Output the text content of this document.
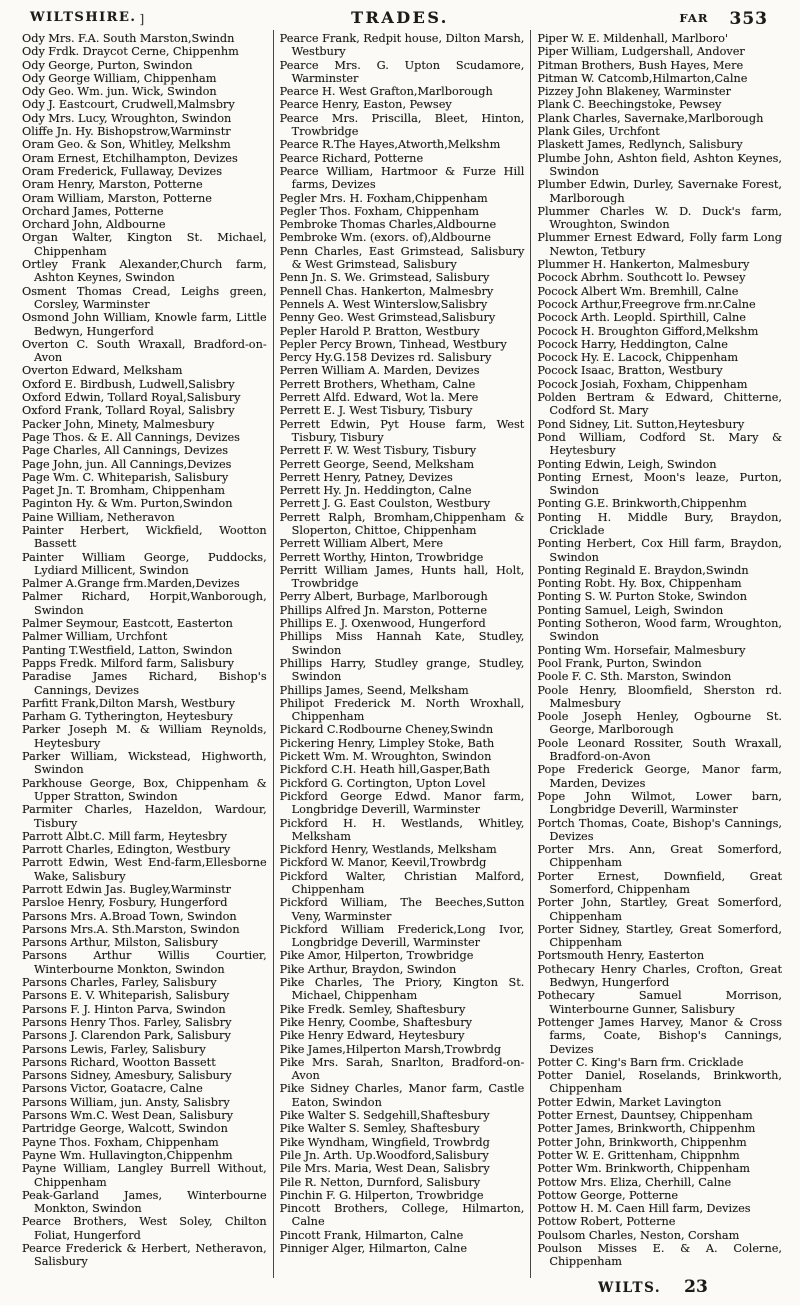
WILTSHIRE. ]	TRADES.	FAR 353

Ody Mrs. F.A. South Marston,Swindn

Ody Frdk. Draycot Cerne, Chippenhm

Ody George, Purton, Swindon

Ody George William, Chippenham

Ody Geo. Wm. jun. Wick, Swindon

Ody J. Eastcourt, Crudwell,Malmsbry

Ody Mrs. Lucy, Wroughton, Swindon

Oliffe Jn. Hy. Bishopstrow,Warminstr

Oram Geo. & Son, Whitley, Melkshm

Oram Ernest, Etchilhampton, Devizes

Oram Frederick, Fullaway, Devizes

Oram Henry, Marston, Potterne

Oram William, Marston, Potterne

Orchard James, Potterne

Orchard John, Aldbourne

Organ Walter, Kington St. Michael, Chippenham

Ortley Frank Alexander,Church farm, Ashton Keynes, Swindon

Osment Thomas Cread, Leighs green, Corsley, Warminster

Osmond John William, Knowle farm, Little Bedwyn, Hungerford

Overton C. South Wraxall, Bradford-on-Avon

Overton Edward, Melksham

Oxford E. Birdbush, Ludwell,Salisbry

Oxford Edwin, Tollard Royal,Salisbury

Oxford Frank, Tollard Royal, Salisbry

Packer John, Minety, Malmesbury

Page Thos. & E. All Cannings, Devizes

Page Charles, All Cannings, Devizes

Page John, jun. All Cannings,Devizes

Page Wm. C. Whiteparish, Salisbury

Paget Jn. T. Bromham, Chippenham

Paginton Hy. & Wm. Purton,Swindon

Paine William, Netheravon

Painter Herbert, Wickfield, Wootton Bassett

Painter William George, Puddocks, Lydiard Millicent, Swindon

Palmer A.Grange frm.Marden,Devizes

Palmer Richard, Horpit,Wanborough, Swindon

Palmer Seymour, Eastcott, Easterton

Palmer William, Urchfont

Panting T.Westfield, Latton, Swindon

Papps Fredk. Milford farm, Salisbury

Paradise James Richard, Bishop's Cannings, Devizes

Parfitt Frank,Dilton Marsh, Westbury

Parham G. Tytherington, Heytesbury

Parker Joseph M. & William Reynolds, Heytesbury

Parker William, Wickstead, Highworth, Swindon

Parkhouse George, Box, Chippenham & Upper Stratton, Swindon

Parmiter Charles, Hazeldon, Wardour, Tisbury

Parrott Albt.C. Mill farm, Heytesbry

Parrott Charles, Edington, Westbury

Parrott Edwin, West End-farm,Ellesborne Wake, Salisbury

Parrott Edwin Jas. Bugley,Warminstr

Parsloe Henry, Fosbury, Hungerford

Parsons Mrs. A.Broad Town, Swindon

Parsons Mrs.A. Sth.Marston, Swindon

Parsons Arthur, Milston, Salisbury

Parsons Arthur Willis Courtier, Winterbourne Monkton, Swindon

Parsons Charles, Farley, Salisbury

Parsons E. V. Whiteparish, Salisbury

Parsons F. J. Hinton Parva, Swindon

Parsons Henry Thos. Farley, Salisbry

Parsons J. Clarendon Park, Salisbury

Parsons Lewis, Farley, Salisbury

Parsons Richard, Wootton Bassett

Parsons Sidney, Amesbury, Salisbury

Parsons Victor, Goatacre, Calne

Parsons William, jun. Ansty, Salisbry

Parsons Wm.C. West Dean, Salisbury

Partridge George, Walcott, Swindon

Payne Thos. Foxham, Chippenham

Payne Wm. Hullavington,Chippenhm

Payne William, Langley Burrell Without, Chippenham

Peak-Garland James, Winterbourne Monkton, Swindon

Pearce Brothers, West Soley, Chilton Foliat, Hungerford

Pearce Frederick & Herbert, Netheravon, Salisbury

Pearce Frank, Redpit house, Dilton Marsh, Westbury

Pearce Mrs. G. Upton Scudamore, Warminster

Pearce H. West Grafton,Marlborough

Pearce Henry, Easton, Pewsey

Pearce Mrs. Priscilla, Bleet, Hinton, Trowbridge

Pearce R.The Hayes,Atworth,Melkshm

Pearce Richard, Potterne

Pearce William, Hartmoor & Furze Hill farms, Devizes

Pegler Mrs. H. Foxham,Chippenham

Pegler Thos. Foxham, Chippenham

Pembroke Thomas Charles,Aldbourne

Pembroke Wm. (exors. of),Aldbourne

Penn Charles, East Grimstead, Salisbury & West Grimstead, Salisbury

Penn Jn. S. We. Grimstead, Salisbury

Pennell Chas. Hankerton, Malmesbry

Pennels A. West Winterslow,Salisbry

Penny Geo. West Grimstead,Salisbury

Pepler Harold P. Bratton, Westbury

Pepler Percy Brown, Tinhead, Westbury

Percy Hy.G.158 Devizes rd. Salisbury

Perren William A. Marden, Devizes

Perrett Brothers, Whetham, Calne

Perrett Alfd. Edward, Wot la. Mere

Perrett E. J. West Tisbury, Tisbury

Perrett Edwin, Pyt House farm, West Tisbury, Tisbury

Perrett F. W. West Tisbury, Tisbury

Perrett George, Seend, Melksham

Perrett Henry, Patney, Devizes

Perrett Hy. Jn. Heddington, Calne

Perrett J. G. East Coulston, Westbury

Perrett Ralph, Bromham,Chippenham & Sloperton, Chittoe, Chippenham

Perrett William Albert, Mere

Perrett Worthy, Hinton, Trowbridge

Perritt William James, Hunts hall, Holt, Trowbridge

Perry Albert, Burbage, Marlborough

Phillips Alfred Jn. Marston, Potterne

Phillips E. J. Oxenwood, Hungerford

Phillips Miss Hannah Kate, Studley, Swindon

Phillips Harry, Studley grange, Studley, Swindon

Phillips James, Seend, Melksham

Philipot Frederick M. North Wroxhall, Chippenham

Pickard C.Rodbourne Cheney,Swindn

Pickering Henry, Limpley Stoke, Bath

Pickett Wm. M. Wroughton, Swindon

Pickford C.H. Heath hill,Gasper,Bath

Pickford G. Cortington, Upton Lovel

Pickford George Edwd. Manor farm, Longbridge Deverill, Warminster

Pickford H. H. Westlands, Whitley, Melksham

Pickford Henry, Westlands, Melksham

Pickford W. Manor, Keevil,Trowbrdg

Pickford Walter, Christian Malford, Chippenham

Pickford William, The Beeches,Sutton Veny, Warminster

Pickford William Frederick,Long Ivor, Longbridge Deverill, Warminster

Pike Amor, Hilperton, Trowbridge

Pike Arthur, Braydon, Swindon

Pike Charles, The Priory, Kington St. Michael, Chippenham

Pike Fredk. Semley, Shaftesbury

Pike Henry, Coombe, Shaftesbury

Pike Henry Edward, Heytesbury

Pike James,Hilperton Marsh,Trowbrdg

Pike Mrs. Sarah, Snarlton, Bradford-on-Avon

Pike Sidney Charles, Manor farm, Castle Eaton, Swindon

Pike Walter S. Sedgehill,Shaftesbury

Pike Walter S. Semley, Shaftesbury

Pike Wyndham, Wingfield, Trowbrdg

Pile Jn. Arth. Up.Woodford,Salisbury

Pile Mrs. Maria, West Dean, Salisbry

Pile R. Netton, Durnford, Salisbury

Pinchin F. G. Hilperton, Trowbridge

Pincott Brothers, College, Hilmarton, Calne

Pincott Frank, Hilmarton, Calne

Pinniger Alger, Hilmarton, Calne

Piper W. E. Mildenhall, Marlboro'

Piper William, Ludgershall, Andover

Pitman Brothers, Bush Hayes, Mere

Pitman W. Catcomb,Hilmarton,Calne

Pizzey John Blakeney, Warminster

Plank C. Beechingstoke, Pewsey

Plank Charles, Savernake,Marlborough

Plank Giles, Urchfont

Plaskett James, Redlynch, Salisbury

Plumbe John, Ashton field, Ashton Keynes, Swindon

Plumber Edwin, Durley, Savernake Forest, Marlborough

Plummer Charles W. D. Duck's farm, Wroughton, Swindon

Plummer Ernest Edward, Folly farm Long Newton, Tetbury

Plummer H. Hankerton, Malmesbury

Pocock Abrhm. Southcott lo. Pewsey

Pocock Albert Wm. Bremhill, Calne

Pocock Arthur,Freegrove frm.nr.Calne

Pocock Arth. Leopld. Spirthill, Calne

Pocock H. Broughton Gifford,Melkshm

Pocock Harry, Heddington, Calne

Pocock Hy. E. Lacock, Chippenham

Pocock Isaac, Bratton, Westbury

Pocock Josiah, Foxham, Chippenham

Polden Bertram & Edward, Chitterne, Codford St. Mary

Pond Sidney, Lit. Sutton,Heytesbury

Pond William, Codford St. Mary & Heytesbury

Ponting Edwin, Leigh, Swindon

Ponting Ernest, Moon's leaze, Purton, Swindon

Ponting G.E. Brinkworth,Chippenhm

Ponting H. Middle Bury, Braydon, Cricklade

Ponting Herbert, Cox Hill farm, Braydon, Swindon

Ponting Reginald E. Braydon,Swindn

Ponting Robt. Hy. Box, Chippenham

Ponting S. W. Purton Stoke, Swindon

Ponting Samuel, Leigh, Swindon

Ponting Sotheron, Wood farm, Wroughton, Swindon

Ponting Wm. Horsefair, Malmesbury

Pool Frank, Purton, Swindon

Poole F. C. Sth. Marston, Swindon

Poole Henry, Bloomfield, Sherston rd. Malmesbury

Poole Joseph Henley, Ogbourne St. George, Marlborough

Poole Leonard Rossiter, South Wraxall, Bradford-on-Avon

Pope Frederick George, Manor farm, Marden, Devizes

Pope John Wilmot, Lower barn, Longbridge Deverill, Warminster

Portch Thomas, Coate, Bishop's Cannings, Devizes

Porter Mrs. Ann, Great Somerford, Chippenham

Porter Ernest, Downfield, Great Somerford, Chippenham

Porter John, Startley, Great Somerford, Chippenham

Porter Sidney, Startley, Great Somerford, Chippenham

Portsmouth Henry, Easterton

Pothecary Henry Charles, Crofton, Great Bedwyn, Hungerford

Pothecary Samuel Morrison, Winterbourne Gunner, Salisbury

Pottenger James Harvey, Manor & Cross farms, Coate, Bishop's Cannings, Devizes

Potter C. King's Barn frm. Cricklade

Potter Daniel, Roselands, Brinkworth, Chippenham

Potter Edwin, Market Lavington

Potter Ernest, Dauntsey, Chippenham

Potter James, Brinkworth, Chippenhm

Potter John, Brinkworth, Chippenhm

Potter W. E. Grittenham, Chippnhm

Potter Wm. Brinkworth, Chippenham

Pottow Mrs. Eliza, Cherhill, Calne

Pottow George, Potterne

Pottow H. M. Caen Hill farm, Devizes

Pottow Robert, Potterne

Poulsom Charles, Neston, Corsham

Poulson Misses E. & A. Colerne, Chippenham

WILTS. 23
